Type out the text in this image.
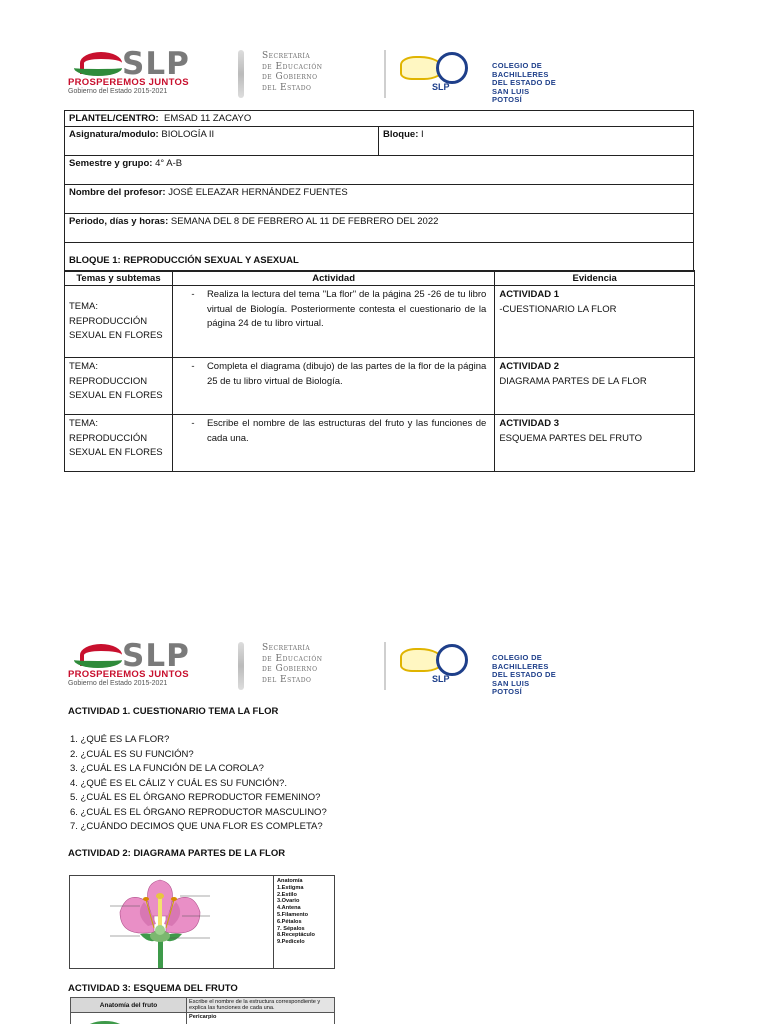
SLP
PROSPEREMOS JUNTOS
Gobierno del Estado 2015-2021
Secretaría
de Educación
de Gobierno
del Estado	SLP
COLEGIO DE
BACHILLERES
DEL ESTADO DE
SAN LUIS POTOSÍ
PLANTEL/CENTRO: EMSAD 11 ZACAYO
Asignatura/modulo: BIOLOGÍA II	Bloque: I
Semestre y grupo: 4° A-B
Nombre del profesor: JOSÉ ELEAZAR HERNÁNDEZ FUENTES
Periodo, días y horas: SEMANA DEL 8 DE FEBRERO AL 11 DE FEBRERO DEL 2022
BLOQUE 1: REPRODUCCIÓN SEXUAL Y ASEXUAL
Temas y subtemas	Actividad	Evidencia

TEMA:
REPRODUCCIÓN
SEXUAL EN FLORES	- Realiza la lectura del tema "La flor" de la página 25 -26 de tu libro virtual de Biología. Posteriormente contesta el cuestionario de la página 24 de tu libro virtual.	ACTIVIDAD 1
-CUESTIONARIO LA FLOR

TEMA:
REPRODUCCION
SEXUAL EN FLORES	- Completa el diagrama (dibujo) de las partes de la flor de la página 25 de tu libro virtual de Biología.	ACTIVIDAD 2
DIAGRAMA PARTES DE LA FLOR

TEMA:
REPRODUCCIÓN
SEXUAL EN FLORES	- Escribe el nombre de las estructuras del fruto y las funciones de cada una.	ACTIVIDAD 3
ESQUEMA PARTES DEL FRUTO
SLP
PROSPEREMOS JUNTOS
Gobierno del Estado 2015-2021
Secretaría
de Educación
de Gobierno
del Estado	SLP
COLEGIO DE
BACHILLERES
DEL ESTADO DE
SAN LUIS POTOSÍ
ACTIVIDAD 1. CUESTIONARIO TEMA LA FLOR
1. ¿QUÉ ES LA FLOR?
2. ¿CUÁL ES SU FUNCIÓN?
3. ¿CUÁL ES LA FUNCIÓN DE LA COROLA?
4. ¿QUÉ ES EL CÁLIZ Y CUÁL ES SU FUNCIÓN?.
5. ¿CUÁL ES EL ÓRGANO REPRODUCTOR FEMENINO?
6. ¿CUÁL ES EL ÓRGANO REPRODUCTOR MASCULINO?
7. ¿CUÁNDO DECIMOS QUE UNA FLOR ES COMPLETA?
ACTIVIDAD 2: DIAGRAMA PARTES DE LA FLOR
Anatomía
1.Estigma
2.Estilo
3.Ovario
4.Antena
5.Filamento
6.Pétalos
7. Sépalos
8.Receptáculo
9.Pedicelo
ACTIVIDAD 3: ESQUEMA DEL FRUTO
Anatomía del fruto	Escribe el nombre de la estructura correspondiente y explica las funciones de cada una.

	Pericarpio
